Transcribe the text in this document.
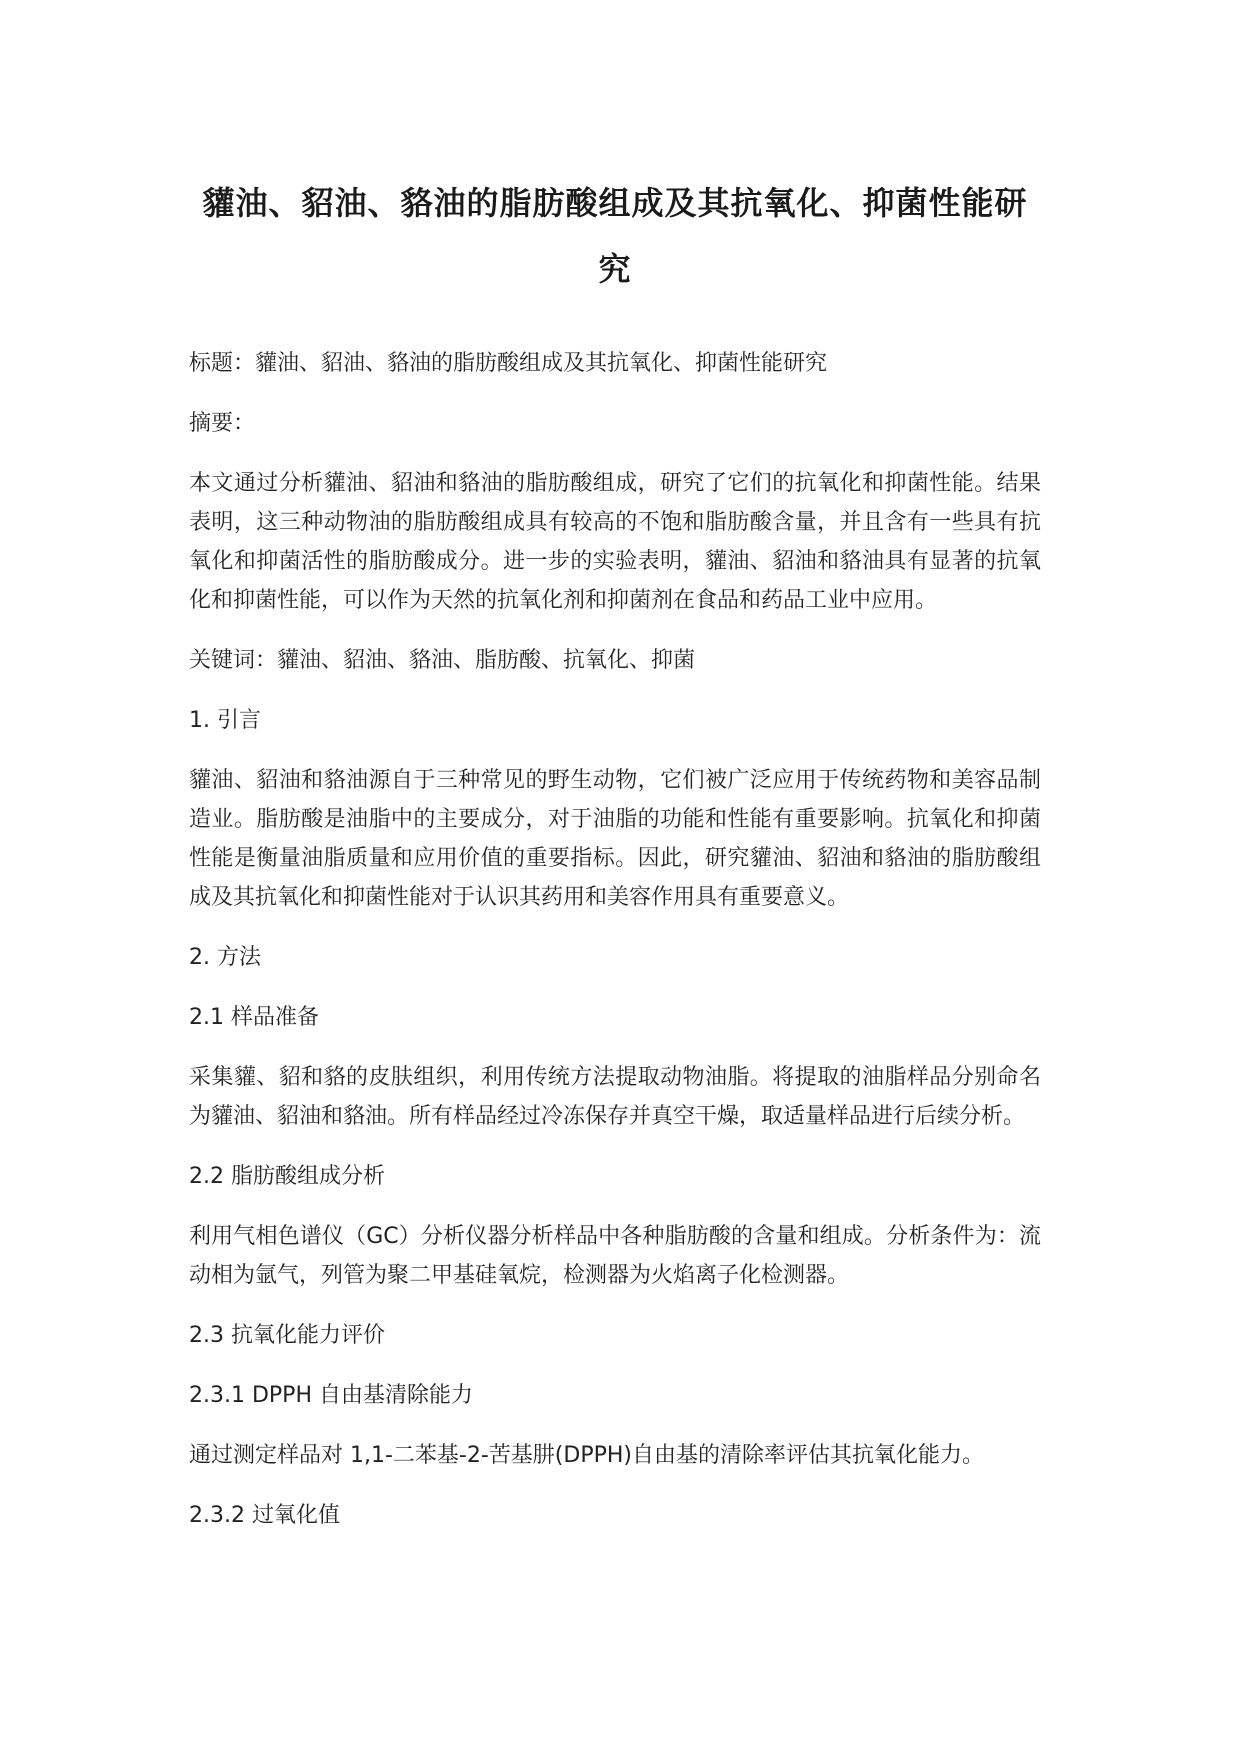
貛油、貂油、貉油的脂肪酸组成及其抗氧化、抑菌性能研究

标题：貛油、貂油、貉油的脂肪酸组成及其抗氧化、抑菌性能研究

摘要：

本文通过分析貛油、貂油和貉油的脂肪酸组成，研究了它们的抗氧化和抑菌性能。结果表明，这三种动物油的脂肪酸组成具有较高的不饱和脂肪酸含量，并且含有一些具有抗氧化和抑菌活性的脂肪酸成分。进一步的实验表明，貛油、貂油和貉油具有显著的抗氧化和抑菌性能，可以作为天然的抗氧化剂和抑菌剂在食品和药品工业中应用。

关键词：貛油、貂油、貉油、脂肪酸、抗氧化、抑菌

1. 引言

貛油、貂油和貉油源自于三种常见的野生动物，它们被广泛应用于传统药物和美容品制造业。脂肪酸是油脂中的主要成分，对于油脂的功能和性能有重要影响。抗氧化和抑菌性能是衡量油脂质量和应用价值的重要指标。因此，研究貛油、貂油和貉油的脂肪酸组成及其抗氧化和抑菌性能对于认识其药用和美容作用具有重要意义。

2. 方法

2.1 样品准备

采集貛、貂和貉的皮肤组织，利用传统方法提取动物油脂。将提取的油脂样品分别命名为貛油、貂油和貉油。所有样品经过冷冻保存并真空干燥，取适量样品进行后续分析。

2.2 脂肪酸组成分析

利用气相色谱仪（GC）分析仪器分析样品中各种脂肪酸的含量和组成。分析条件为：流动相为氩气，列管为聚二甲基硅氧烷，检测器为火焰离子化检测器。

2.3 抗氧化能力评价

2.3.1 DPPH 自由基清除能力

通过测定样品对 1,1-二苯基-2-苦基肼(DPPH)自由基的清除率评估其抗氧化能力。

2.3.2 过氧化值
